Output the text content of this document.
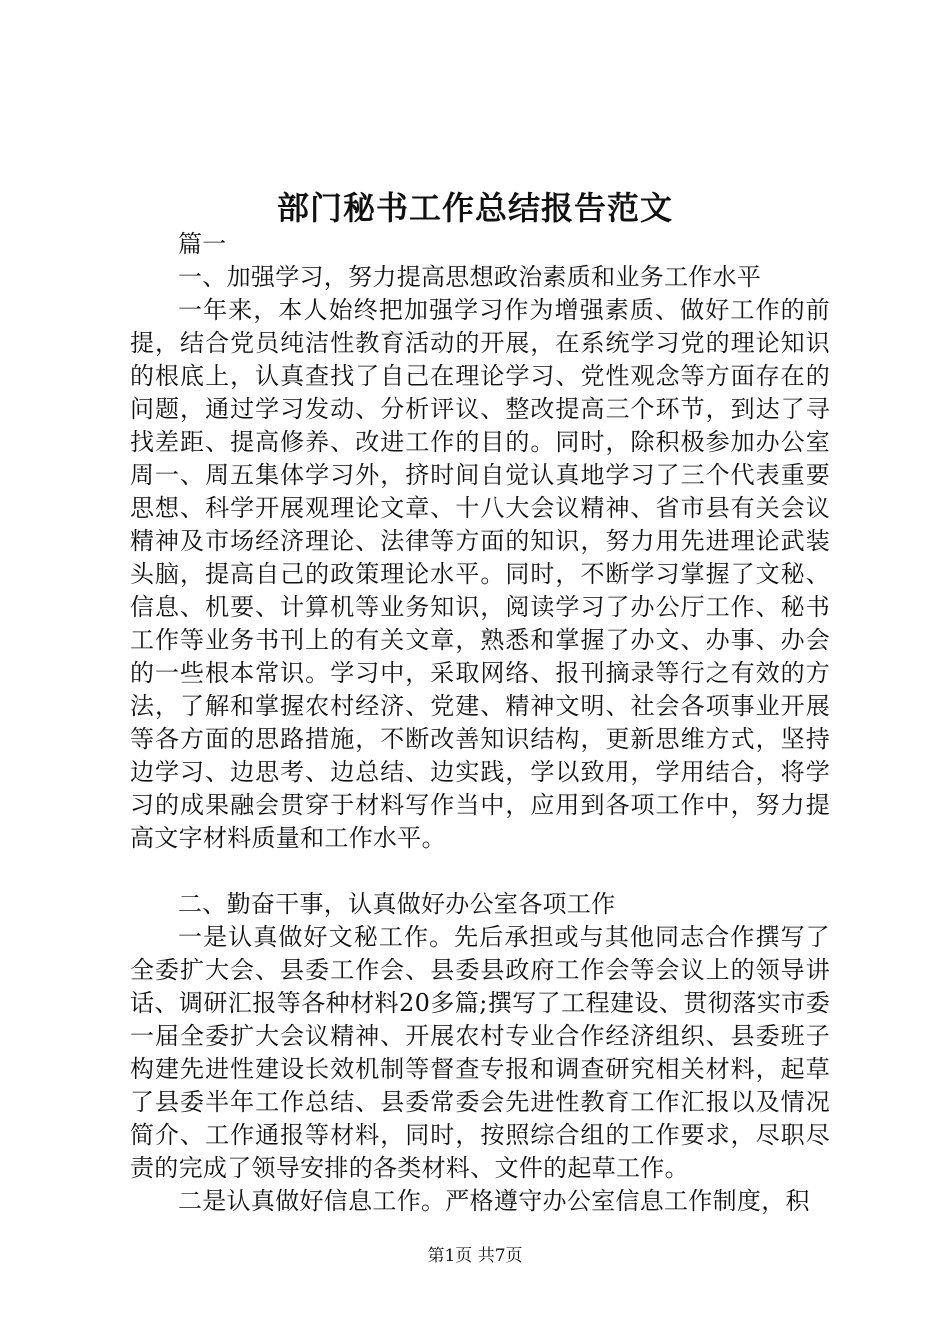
部门秘书工作总结报告范文

篇一

一、加强学习，努力提高思想政治素质和业务工作水平

一年来，本人始终把加强学习作为增强素质、做好工作的前提，结合党员纯洁性教育活动的开展，在系统学习党的理论知识的根底上，认真查找了自己在理论学习、党性观念等方面存在的问题，通过学习发动、分析评议、整改提高三个环节，到达了寻找差距、提高修养、改进工作的目的。同时，除积极参加办公室周一、周五集体学习外，挤时间自觉认真地学习了三个代表重要思想、科学开展观理论文章、十八大会议精神、省市县有关会议精神及市场经济理论、法律等方面的知识，努力用先进理论武装头脑，提高自己的政策理论水平。同时，不断学习掌握了文秘、信息、机要、计算机等业务知识，阅读学习了办公厅工作、秘书工作等业务书刊上的有关文章，熟悉和掌握了办文、办事、办会的一些根本常识。学习中，采取网络、报刊摘录等行之有效的方法，了解和掌握农村经济、党建、精神文明、社会各项事业开展等各方面的思路措施，不断改善知识结构，更新思维方式，坚持边学习、边思考、边总结、边实践，学以致用，学用结合，将学习的成果融会贯穿于材料写作当中，应用到各项工作中，努力提高文字材料质量和工作水平。

二、勤奋干事，认真做好办公室各项工作

一是认真做好文秘工作。先后承担或与其他同志合作撰写了全委扩大会、县委工作会、县委县政府工作会等会议上的领导讲话、调研汇报等各种材料20多篇;撰写了工程建设、贯彻落实市委一届全委扩大会议精神、开展农村专业合作经济组织、县委班子构建先进性建设长效机制等督查专报和调查研究相关材料，起草了县委半年工作总结、县委常委会先进性教育工作汇报以及情况简介、工作通报等材料，同时，按照综合组的工作要求，尽职尽责的完成了领导安排的各类材料、文件的起草工作。

二是认真做好信息工作。严格遵守办公室信息工作制度，积

第1页 共7页
